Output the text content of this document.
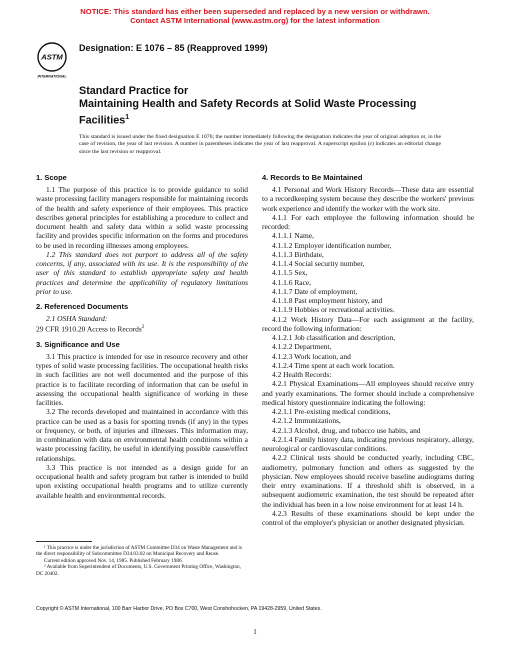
NOTICE: This standard has either been superseded and replaced by a new version or withdrawn.
Contact ASTM International (www.astm.org) for the latest information
ASTM
INTERNATIONAL
Designation: E 1076 – 85 (Reapproved 1999)
Standard Practice for
Maintaining Health and Safety Records at Solid Waste Processing Facilities$^1$
This standard is issued under the fixed designation E 1076; the number immediately following the designation indicates the year of original adoption or, in the case of revision, the year of last revision. A number in parentheses indicates the year of last reapproval. A superscript epsilon (ε) indicates an editorial change since the last revision or reapproval.
1. Scope

1.1 The purpose of this practice is to provide guidance to solid waste processing facility managers responsible for maintaining records of the health and safety experience of their employees. This practice describes general principles for establishing a procedure to collect and document health and safety data within a solid waste processing facility and provides specific information on the forms and procedures to be used in recording illnesses among employees.

1.2 This standard does not purport to address all of the safety concerns, if any, associated with its use. It is the responsibility of the user of this standard to establish appropriate safety and health practices and determine the applicability of regulatory limitations prior to use.

2. Referenced Documents

2.1 OSHA Standard:

29 CFR 1910.20 Access to Records$^2$

3. Significance and Use

3.1 This practice is intended for use in resource recovery and other types of solid waste processing facilities. The occupational health risks in such facilities are not well documented and the purpose of this practice is to facilitate recording of information that can be useful in assessing the occupational health significance of working in these facilities.

3.2 The records developed and maintained in accordance with this practice can be used as a basis for spotting trends (if any) in the types or frequency, or both, of injuries and illnesses. This information may, in combination with data on environmental health conditions within a waste processing facility, be useful in identifying possible cause/effect relationships.

3.3 This practice is not intended as a design guide for an occupational health and safety program but rather is intended to build upon existing occupational health programs and to utilize currently available health and environmental records.

¹ This practice is under the jurisdiction of ASTM Committee D34 on Waste Management and is the direct responsibility of Subcommittee D34.03.02 on Municipal Recovery and Reuse.

Current edition approved Nov. 14, 1985. Published February 1986.

² Available from Superintendent of Documents, U.S. Government Printing Office, Washington, DC 20402.

4. Records to Be Maintained

4.1 Personal and Work History Records—These data are essential to a recordkeeping system because they describe the workers' previous work experience and identify the worker with the work site.

4.1.1 For each employee the following information should be recorded:

4.1.1.1 Name,

4.1.1.2 Employer identification number,

4.1.1.3 Birthdate,

4.1.1.4 Social security number,

4.1.1.5 Sex,

4.1.1.6 Race,

4.1.1.7 Date of employment,

4.1.1.8 Past employment history, and

4.1.1.9 Hobbies or recreational activities.

4.1.2 Work History Data—For each assignment at the facility, record the following information:

4.1.2.1 Job classification and description,

4.1.2.2 Department,

4.1.2.3 Work location, and

4.1.2.4 Time spent at each work location.

4.2 Health Records:

4.2.1 Physical Examinations—All employees should receive entry and yearly examinations. The former should include a comprehensive medical history questionnaire indicating the following:

4.2.1.1 Pre-existing medical conditions,

4.2.1.2 Immunizations,

4.2.1.3 Alcohol, drug, and tobacco use habits, and

4.2.1.4 Family history data, indicating previous respiratory, allergy, neurological or cardiovascular conditions.

4.2.2 Clinical tests should be conducted yearly, including CBC, audiometry, pulmonary function and others as suggested by the physician. New employees should receive baseline audiograms during their entry examinations. If a threshold shift is observed, in a subsequent audiometric examination, the test should be repeated after the individual has been in a low noise environment for at least 14 h.

4.2.3 Results of these examinations should be kept under the control of the employer's physician or another designated physician.

Copyright © ASTM International, 100 Barr Harbor Drive, PO Box C700, West Conshohocken, PA 19428-2959, United States.
1
